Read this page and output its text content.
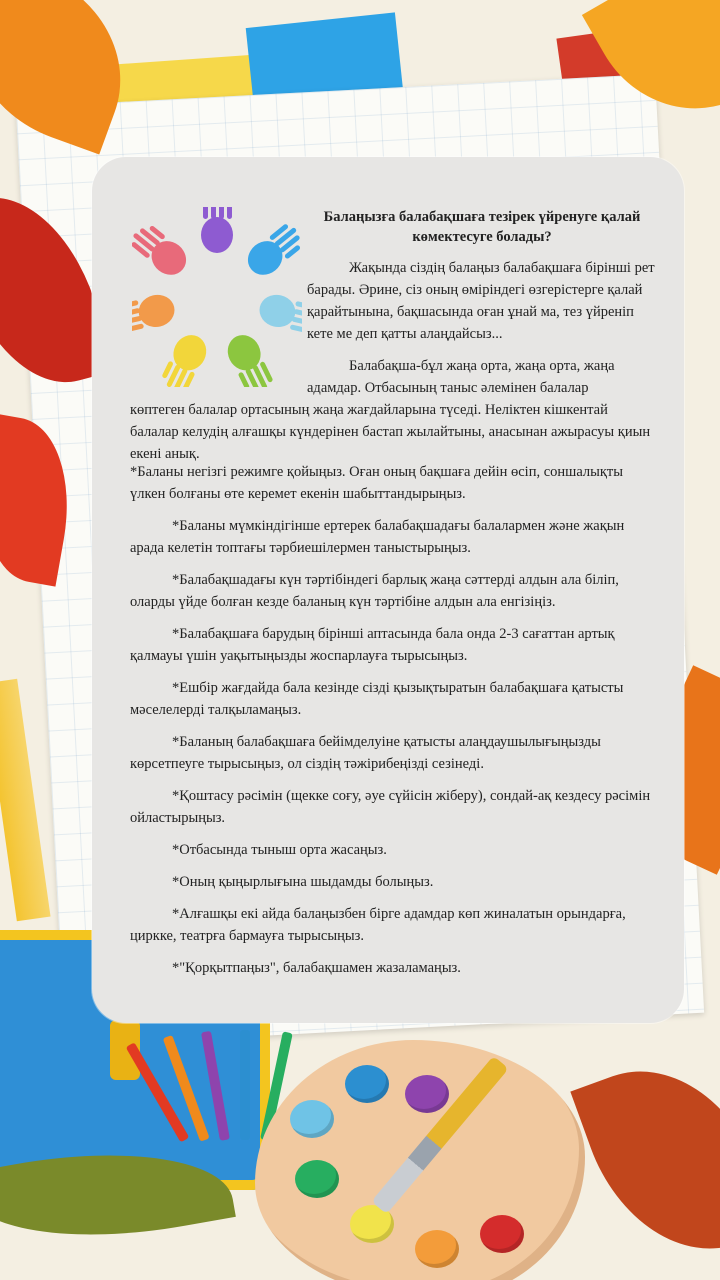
Балаңызға балабақшаға тезірек үйренуге қалай көмектесуге болады?

Жақында сіздің балаңыз балабақшаға бірінші рет барады. Әрине, сіз оның өміріндегі өзгерістерге қалай қарайтынына, бақшасында оған ұнай ма, тез үйреніп кете ме деп қатты алаңдайсыз...

Балабақша-бұл жаңа орта, жаңа орта, жаңа адамдар. Отбасының таныс әлемінен балалар

көптеген балалар ортасының жаңа жағдайларына түседі. Неліктен кішкентай балалар келудің алғашқы күндерінен бастап жылайтыны, анасынан ажырасуы қиын екені анық.

*Баланы негізгі режимге қойыңыз. Оған оның бақшаға дейін өсіп, соншалықты үлкен болғаны өте керемет екенін шабыттандырыңыз.

*Баланы мүмкіндігінше ертерек балабақшадағы балалармен және жақын арада келетін топтағы тәрбиешілермен таныстырыңыз.

*Балабақшадағы күн тәртібіндегі барлық жаңа сәттерді алдын ала біліп, оларды үйде болған кезде баланың күн тәртібіне алдын ала енгізіңіз.

*Балабақшаға барудың бірінші аптасында бала онда 2-3 сағаттан артық қалмауы үшін уақытыңызды жоспарлауға тырысыңыз.

*Ешбір жағдайда бала кезінде сізді қызықтыратын балабақшаға қатысты мәселелерді талқыламаңыз.

*Баланың балабақшаға бейімделуіне қатысты алаңдаушылығыңызды көрсетпеуге тырысыңыз, ол сіздің тәжірибеңізді сезінеді.

*Қоштасу рәсімін (щекке соғу, әуе сүйісін жіберу), сондай-ақ кездесу рәсімін ойластырыңыз.

*Отбасында тыныш орта жасаңыз.

*Оның қыңырлығына шыдамды болыңыз.

*Алғашқы екі айда балаңызбен бірге адамдар көп жиналатын орындарға, циркке, театрға бармауға тырысыңыз.

*"Қорқытпаңыз", балабақшамен жазаламаңыз.
